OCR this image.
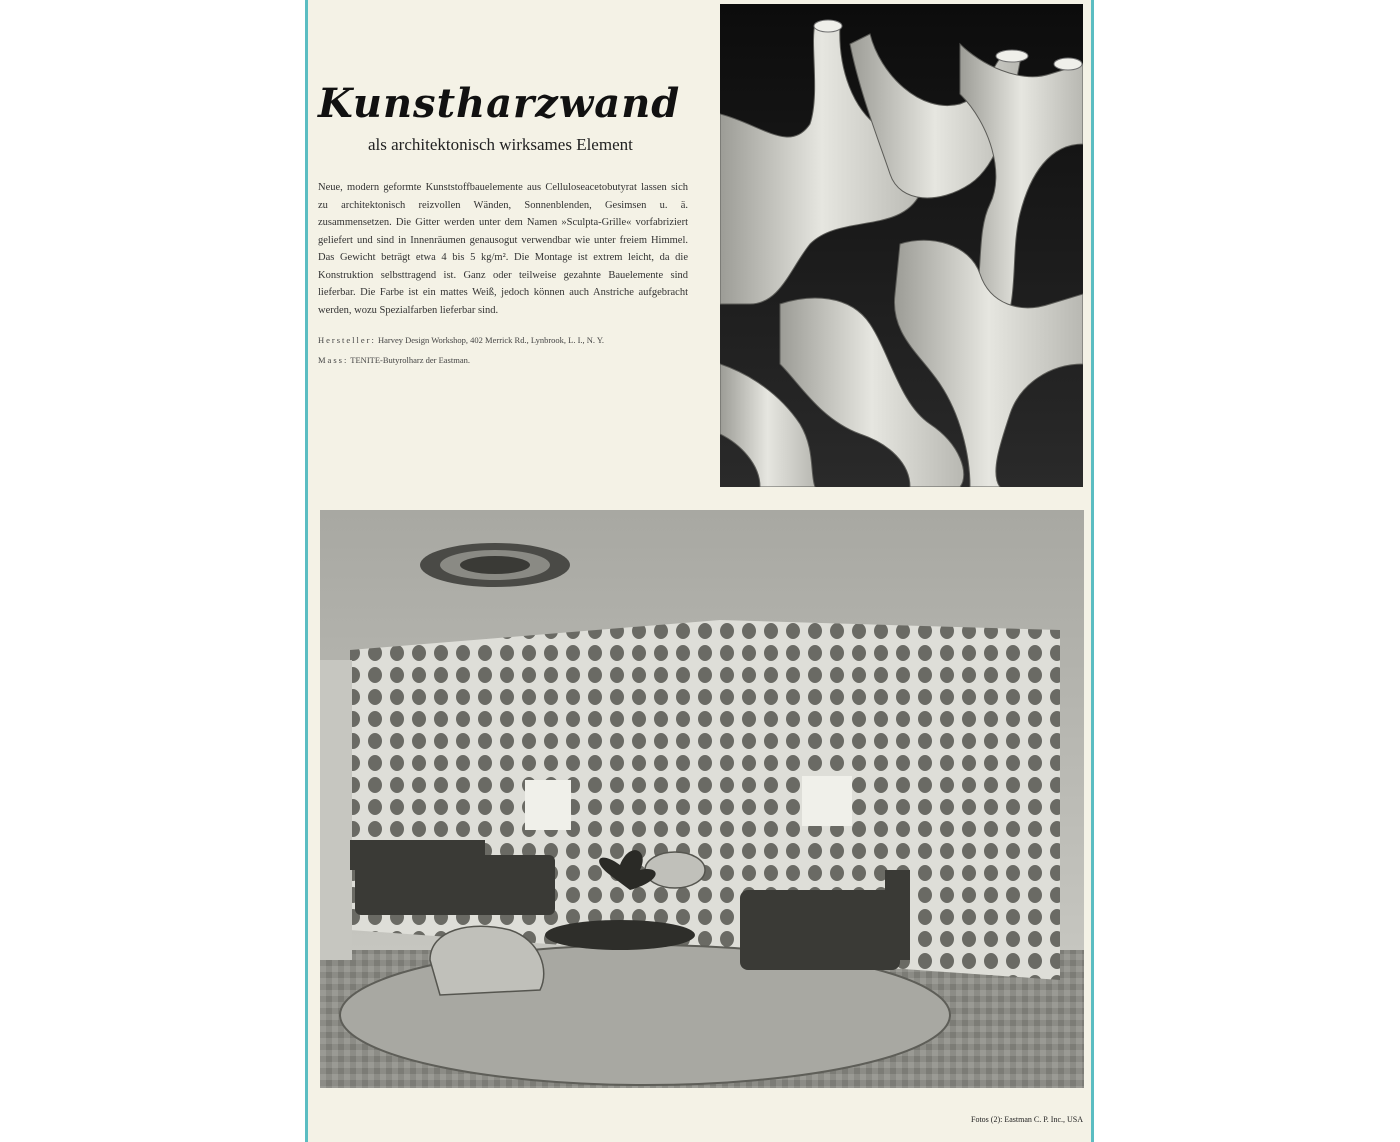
Kunstharzwand
als architektonisch wirksames Element

Neue, modern geformte Kunststoffbauelemente aus Celluloseacetobutyrat lassen sich zu architektonisch reizvollen Wänden, Sonnenblenden, Gesimsen u. ä. zusammensetzen. Die Gitter werden unter dem Namen »Sculpta-Grille« vorfabriziert geliefert und sind in Innenräumen genausogut verwendbar wie unter freiem Himmel. Das Gewicht beträgt etwa 4 bis 5 kg/m². Die Montage ist extrem leicht, da die Konstruktion selbsttragend ist. Ganz oder teilweise gezahnte Bauelemente sind lieferbar. Die Farbe ist ein mattes Weiß, jedoch können auch Anstriche aufgebracht werden, wozu Spezialfarben lieferbar sind.

Hersteller: Harvey Design Workshop, 402 Merrick Rd., Lynbrook, L. I., N. Y.
Mass: TENITE-Butyrolharz der Eastman.
Fotos (2): Eastman C. P. Inc., USA
